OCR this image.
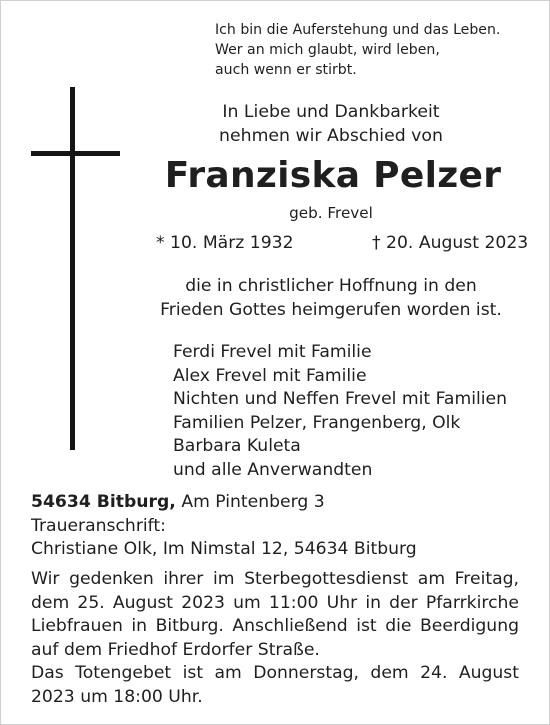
Ich bin die Auferstehung und das Leben.
Wer an mich glaubt, wird leben,
auch wenn er stirbt.
In Liebe und Dankbarkeit
nehmen wir Abschied von
Franziska Pelzer
geb. Frevel
* 10. März 1932	† 20. August 2023
die in christlicher Hoffnung in den
Frieden Gottes heimgerufen worden ist.
Ferdi Frevel mit Familie
Alex Frevel mit Familie
Nichten und Neffen Frevel mit Familien
Familien Pelzer, Frangenberg, Olk
Barbara Kuleta
und alle Anverwandten
54634 Bitburg, Am Pintenberg 3
Traueranschrift:
Christiane Olk, Im Nimstal 12, 54634 Bitburg
Wir gedenken ihrer im Sterbegottesdienst am Freitag,
dem 25. August 2023 um 11:00 Uhr in der Pfarrkirche
Liebfrauen in Bitburg. Anschließend ist die Beerdigung
auf dem Friedhof Erdorfer Straße.
Das Totengebet ist am Donnerstag, dem 24. August
2023 um 18:00 Uhr.
